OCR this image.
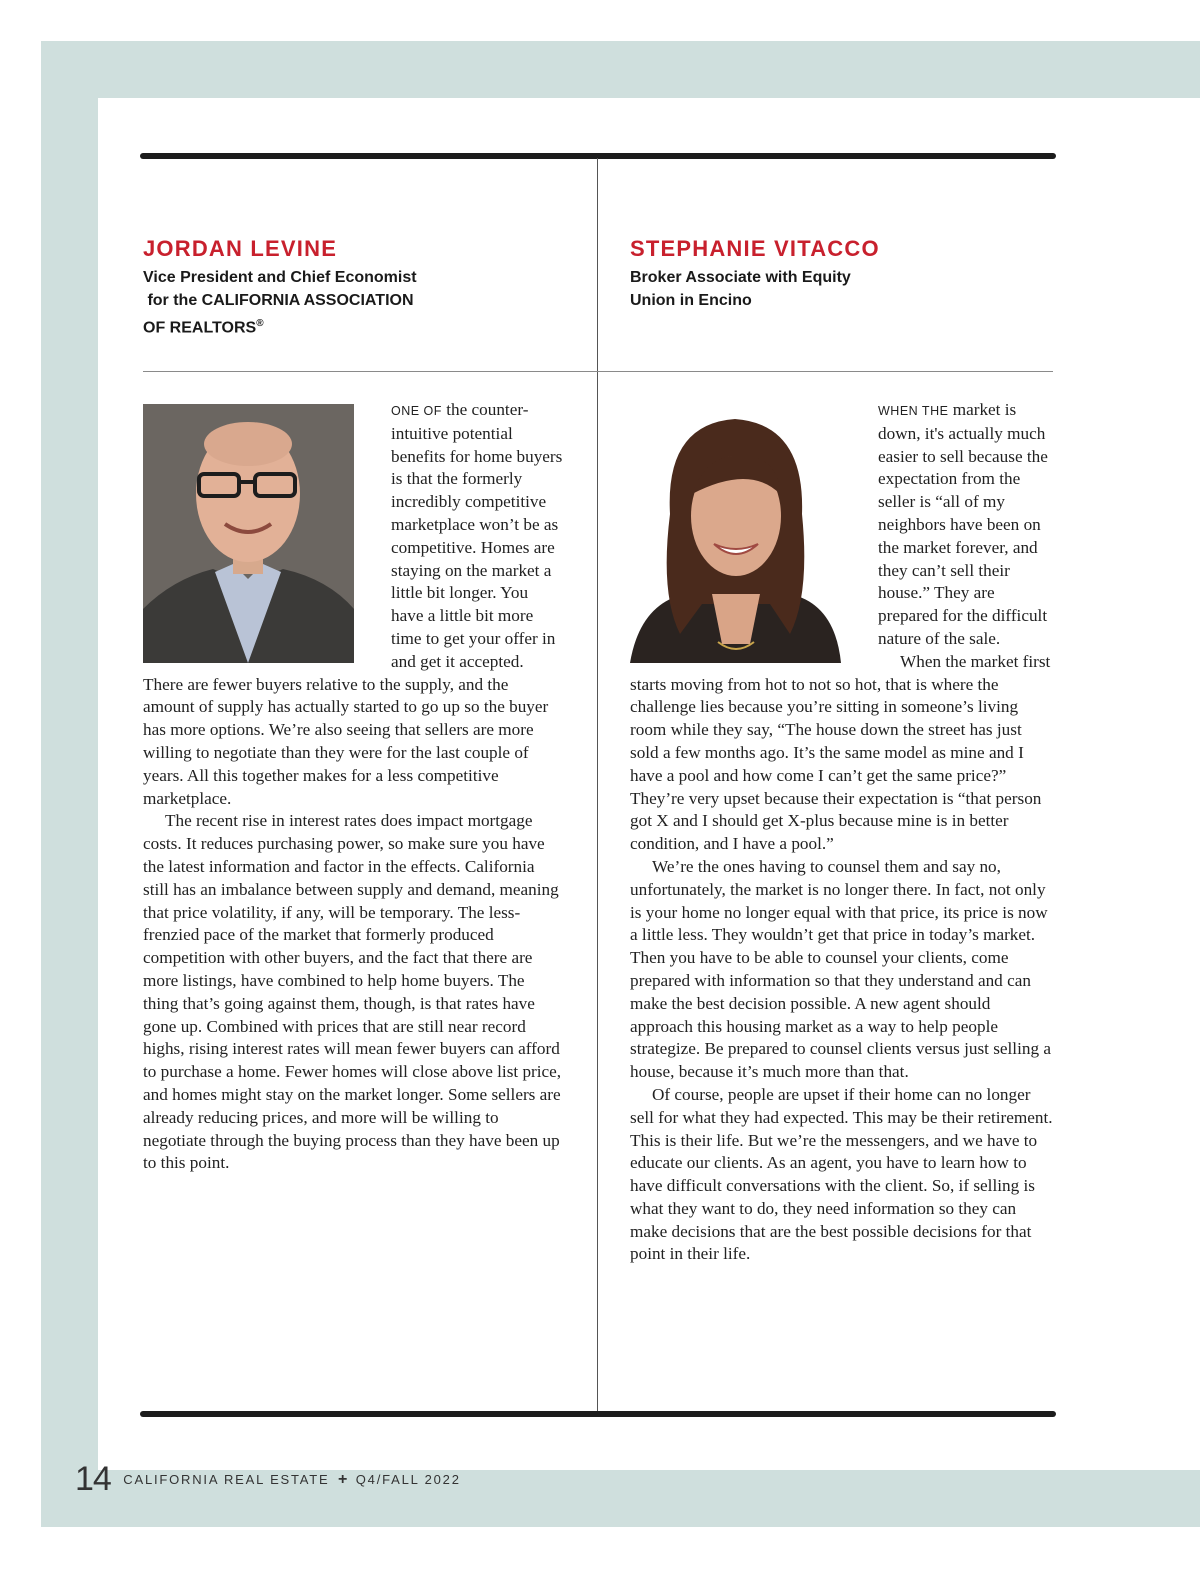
JORDAN LEVINE

Vice President and Chief Economist
for the CALIFORNIA ASSOCIATION
OF REALTORS®

STEPHANIE VITACCO

Broker Associate with Equity
Union in Encino

ONE OF the counter-intuitive potential benefits for home buyers is that the formerly incredibly competitive marketplace won’t be as competitive. Homes are staying on the market a little bit longer. You have a little bit more time to get your offer in and get it accepted. There are fewer buyers relative to the supply, and the amount of supply has actually started to go up so the buyer has more options. We’re also seeing that sellers are more willing to negotiate than they were for the last couple of years. All this together makes for a less competitive marketplace.

The recent rise in interest rates does impact mortgage costs. It reduces purchasing power, so make sure you have the latest information and factor in the effects. California still has an imbalance between supply and demand, meaning that price volatility, if any, will be temporary. The less-frenzied pace of the market that formerly produced competition with other buyers, and the fact that there are more listings, have combined to help home buyers. The thing that’s going against them, though, is that rates have gone up. Combined with prices that are still near record highs, rising interest rates will mean fewer buyers can afford to purchase a home. Fewer homes will close above list price, and homes might stay on the market longer. Some sellers are already reducing prices, and more will be willing to negotiate through the buying process than they have been up to this point.

WHEN THE market is down, it's actually much easier to sell because the expectation from the seller is “all of my neighbors have been on the market forever, and they can’t sell their house.” They are prepared for the difficult nature of the sale.

When the market first starts moving from hot to not so hot, that is where the challenge lies because you’re sitting in someone’s living room while they say, “The house down the street has just sold a few months ago. It’s the same model as mine and I have a pool and how come I can’t get the same price?” They’re very upset because their expectation is “that person got X and I should get X-plus because mine is in better condition, and I have a pool.”

We’re the ones having to counsel them and say no, unfortunately, the market is no longer there. In fact, not only is your home no longer equal with that price, its price is now a little less. They wouldn’t get that price in today’s market. Then you have to be able to counsel your clients, come prepared with information so that they understand and can make the best decision possible. A new agent should approach this housing market as a way to help people strategize. Be prepared to counsel clients versus just selling a house, because it’s much more than that.

Of course, people are upset if their home can no longer sell for what they had expected. This may be their retirement. This is their life. But we’re the messengers, and we have to educate our clients. As an agent, you have to learn how to have difficult conversations with the client. So, if selling is what they want to do, they need information so they can make decisions that are the best possible decisions for that point in their life.

14 CALIFORNIA REAL ESTATE + Q4/FALL 2022
